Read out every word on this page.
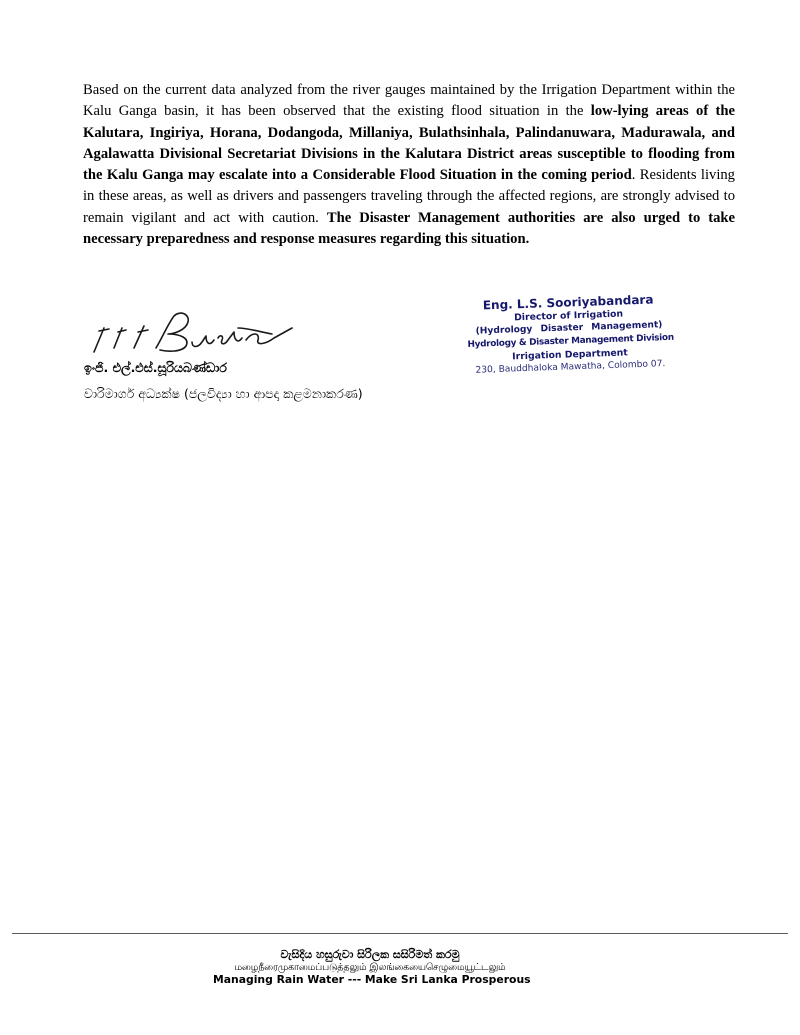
Based on the current data analyzed from the river gauges maintained by the Irrigation Department within the Kalu Ganga basin, it has been observed that the existing flood situation in the low-lying areas of the Kalutara, Ingiriya, Horana, Dodangoda, Millaniya, Bulathsinhala, Palindanuwara, Madurawala, and Agalawatta Divisional Secretariat Divisions in the Kalutara District areas susceptible to flooding from the Kalu Ganga may escalate into a Considerable Flood Situation in the coming period. Residents living in these areas, as well as drivers and passengers traveling through the affected regions, are strongly advised to remain vigilant and act with caution. The Disaster Management authorities are also urged to take necessary preparedness and response measures regarding this situation.
ඉංජි. එල්.එස්.සූරියබණ්ඩාර
වාරිමාර්ග අධ්‍යක්ෂ (ජලවිද්‍යා හා ආපදා කළමනාකරණ)
Eng. L.S. Sooriyabandara
Director of Irrigation
(Hydrology Disaster Management)
Hydrology & Disaster Management Division
Irrigation Department
230, Bauddhaloka Mawatha, Colombo 07.
වැසිදිය හසුරුවා සිරිලක සසිරිමත් කරමු
மழைநீரைமுகாமைப்படுத்தலும் இலங்கையைசெழுமையூட்டலும்
Managing Rain Water --- Make Sri Lanka Prosperous
